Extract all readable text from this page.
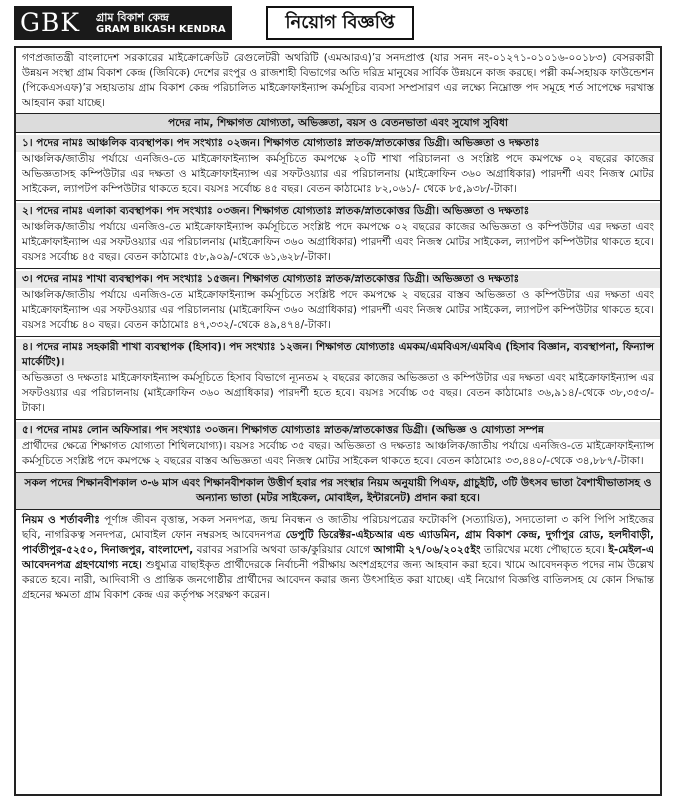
GBK গ্রাম বিকাশ কেন্দ্র
GRAM BIKASH KENDRA	নিয়োগ বিজ্ঞপ্তি
গণপ্রজাতন্ত্রী বাংলাদেশ সরকারের মাইক্রোক্রেডিট রেগুলেটরী অথরিটি (এমআরএ)’র সনদপ্রাপ্ত (যার সনদ নং-০১২৭১-০১০১৬-০০১৮৩) বেসরকারী উন্নয়ন সংস্থা গ্রাম বিকাশ কেন্দ্র (জিবিকে) দেশের রংপুর ও রাজশাহী বিভাগের অতি দরিদ্র মানুষের সার্বিক উন্নয়নে কাজ করছে। পল্লী কর্ম-সহায়ক ফাউন্ডেশন (পিকেএসএফ)’র সহায়তায় গ্রাম বিকাশ কেন্দ্র পরিচালিত মাইক্রোফাইন্যান্স কর্মসূচির ব্যবসা সম্প্রসারণ এর লক্ষ্যে নিম্নোক্ত পদ সমূহে শর্ত সাপেক্ষে দরখাস্ত আহবান করা যাচ্ছে।
পদের নাম, শিক্ষাগত যোগ্যতা, অভিজ্ঞতা, বয়স ও বেতনভাতা এবং সুযোগ সুবিধা
১। পদের নামঃ আঞ্চলিক ব্যবস্থাপক। পদ সংখ্যাঃ ০২জন। শিক্ষাগত যোগ্যতাঃ স্নাতক/স্নাতকোত্তর ডিগ্রী। অভিজ্ঞতা ও দক্ষতাঃ
আঞ্চলিক/জাতীয় পর্যায়ে এনজিও-তে মাইক্রোফাইন্যান্স কর্মসূচিতে কমপক্ষে ২০টি শাখা পরিচালনা ও সংশ্লিষ্ট পদে কমপক্ষে ০২ বছরের কাজের অভিজ্ঞতাসহ কম্পিউটার এর দক্ষতা ও মাইক্রোফাইন্যান্স এর সফটওয়্যার এর পরিচালনায় (মাইক্রোফিন ৩৬০ অগ্রাধিকার) পারদর্শী এবং নিজস্ব মোটর সাইকেল, ল্যাপটপ কম্পিউটার থাকতে হবে। বয়সঃ সর্বোচ্চ ৪৫ বছর। বেতন কাঠামোঃ ৮২,০৬১/- থেকে ৮৫,৯৩৮/-টাকা।
২। পদের নামঃ এলাকা ব্যবস্থাপক। পদ সংখ্যাঃ ০৩জন। শিক্ষাগত যোগ্যতাঃ স্নাতক/স্নাতকোত্তর ডিগ্রী। অভিজ্ঞতা ও দক্ষতাঃ
আঞ্চলিক/জাতীয় পর্যায়ে এনজিও-তে মাইক্রোফাইন্যান্স কর্মসূচিতে সংশ্লিষ্ট পদে কমপক্ষে ০২ বছরের কাজের অভিজ্ঞতা ও কম্পিউটার এর দক্ষতা এবং মাইক্রোফাইন্যান্স এর সফটওয়্যার এর পরিচালনায় (মাইক্রোফিন ৩৬০ অগ্রাধিকার) পারদর্শী এবং নিজস্ব মোটর সাইকেল, ল্যাপটপ কম্পিউটার থাকতে হবে। বয়সঃ সর্বোচ্চ ৪৫ বছর। বেতন কাঠামোঃ ৫৮,৯০৯/-থেকে ৬১,৬২৮/-টাকা।
৩। পদের নামঃ শাখা ব্যবস্থাপক। পদ সংখ্যাঃ ১৫জন। শিক্ষাগত যোগ্যতাঃ স্নাতক/স্নাতকোত্তর ডিগ্রী। অভিজ্ঞতা ও দক্ষতাঃ
আঞ্চলিক/জাতীয় পর্যায়ে এনজিও-তে মাইক্রোফাইন্যান্স কর্মসূচিতে সংশ্লিষ্ট পদে কমপক্ষে ২ বছরের বাস্তব অভিজ্ঞতা ও কম্পিউটার এর দক্ষতা এবং মাইক্রোফাইন্যান্স এর সফটওয়্যার এর পরিচালনায় (মাইক্রোফিন ৩৬০ অগ্রাধিকার) পারদর্শী এবং নিজস্ব মোটর সাইকেল, ল্যাপটপ কম্পিউটার থাকতে হবে। বয়সঃ সর্বোচ্চ ৪০ বছর। বেতন কাঠামোঃ ৪৭,৩৩২/-থেকে ৪৯,৪৭৪/-টাকা।
৪। পদের নামঃ সহকারী শাখা ব্যবস্থাপক (হিসাব)। পদ সংখ্যাঃ ১২জন। শিক্ষাগত যোগ্যতাঃ এমকম/এমবিএস/এমবিএ (হিসাব বিজ্ঞান, ব্যবস্থাপনা, ফিন্যান্স মার্কেটিং)।
অভিজ্ঞতা ও দক্ষতাঃ মাইক্রোফাইন্যান্স কর্মসূচিতে হিসাব বিভাগে ন্যূনতম ২ বছরের কাজের অভিজ্ঞতা ও কম্পিউটার এর দক্ষতা এবং মাইক্রোফাইন্যান্স এর সফটওয়্যার এর পরিচালনায় (মাইক্রোফিন ৩৬০ অগ্রাধিকার) পারদর্শী হতে হবে। বয়সঃ সর্বোচ্চ ৩৫ বছর। বেতন কাঠামোঃ ৩৬,৯১৪/-থেকে ৩৮,৩৫৩/-টাকা।
৫। পদের নামঃ লোন অফিসার। পদ সংখ্যাঃ ৩০জন। শিক্ষাগত যোগ্যতাঃ স্নাতক/স্নাতকোত্তর ডিগ্রী। (অভিজ্ঞ ও যোগ্যতা সম্পন্ন
প্রার্থীদের ক্ষেত্রে শিক্ষাগত যোগ্যতা শিথিলযোগ্য)। বয়সঃ সর্বোচ্চ ৩৫ বছর। অভিজ্ঞতা ও দক্ষতাঃ আঞ্চলিক/জাতীয় পর্যায়ে এনজিও-তে মাইক্রোফাইন্যান্স কর্মসূচিতে সংশ্লিষ্ট পদে কমপক্ষে ২ বছরের বাস্তব অভিজ্ঞতা এবং নিজস্ব মোটর সাইকেল থাকতে হবে। বেতন কাঠামোঃ ৩৩,৪৪০/-থেকে ৩৪,৮৮৭/-টাকা।
সকল পদের শিক্ষানবীশকাল ৩-৬ মাস এবং শিক্ষানবীশকাল উত্তীর্ণ হবার পর সংস্থার নিয়ম অনুযায়ী পিএফ, গ্রাচুইটি, ৩টি উৎসব ভাতা বৈশাখীভাতাসহ ও অন্যান্য ভাতা (মটর সাইকেল, মোবাইল, ইন্টারনেট) প্রদান করা হবে।
নিয়ম ও শর্তাবলীঃ পূর্ণাঙ্গ জীবন বৃত্তান্ত, সকল সনদপত্র, জন্ম নিবন্ধন ও জাতীয় পরিচয়পত্রের ফটোকপি (সত্যায়িত), সদ্যতোলা ৩ কপি পিপি সাইজের ছবি, নাগরিকত্ব সনদপত্র, মোবাইল ফোন নম্বরসহ আবেদনপত্র ডেপুটি ডিরেক্টর-এইচআর এন্ড এ্যাডমিন, গ্রাম বিকাশ কেন্দ্র, দুর্গাপুর রোড, হলদীবাড়ী, পার্বতীপুর-৫২৫০, দিনাজপুর, বাংলাদেশ, বরাবর সরাসরি অথবা ডাক/কুরিয়ার যোগে আগামী ২৭/০৬/২০২৫ইং তারিখের মধ্যে পৌছাতে হবে। ই-মেইল-এ আবেদনপত্র গ্রহণযোগ্য নহে। শুধুমাত্র বাছাইকৃত প্রার্থীদেরকে নির্বাচনী পরীক্ষায় অংশগ্রহণের জন্য আহবান করা হবে। খামে আবেদনকৃত পদের নাম উল্লেখ করতে হবে। নারী, আদিবাসী ও প্রান্তিক জনগোষ্ঠীর প্রার্থীদের আবেদন করার জন্য উৎসাহিত করা যাচ্ছে। এই নিয়োগ বিজ্ঞপ্তি বাতিলসহ যে কোন সিদ্ধান্ত গ্রহনের ক্ষমতা গ্রাম বিকাশ কেন্দ্র এর কর্তৃপক্ষ সংরক্ষণ করেন।
